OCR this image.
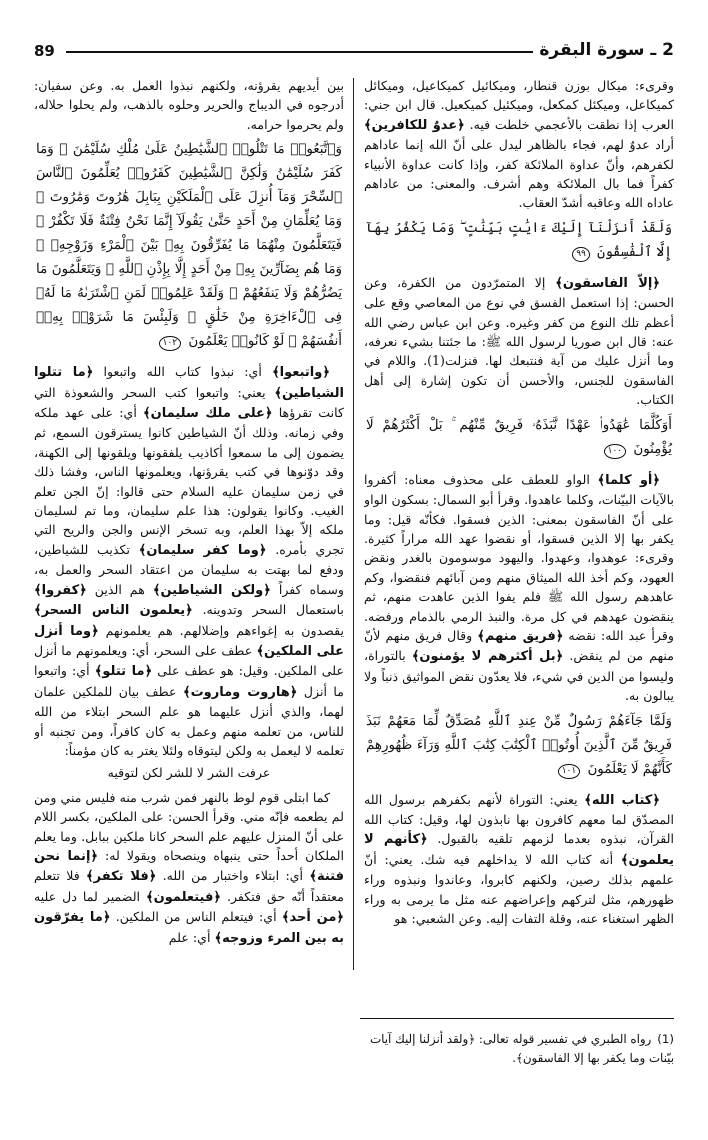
89	2 ـ سورة البقرة

وقرىء: ميكال بوزن قنطار، وميكائيل كميكاعيل، وميكائل كميكاعل، وميكئل كمكعل، وميكئيل كميكعيل. قال ابن جني: العرب إذا نطقت بالأعجمي خلطت فيه. ﴿عدوٌ للكافرين﴾ أراد عدوٌ لهم، فجاء بالظاهر ليدل على أنّ الله إنما عاداهم لكفرهم، وأنّ عداوة الملائكة كفر، وإذا كانت عداوة الأنبياء كفراً فما بال الملائكة وهم أشرف. والمعنى: من عاداهم عاداه الله وعاقبه أشدّ العقاب.

وَلَقَدْ أَنزَلْنَآ إِلَيْكَ ءَايَٰتٍ بَيِّنَٰتٍ ۖ وَمَا يَكْفُرُ بِهَآ إِلَّا ٱلْفَٰسِقُونَ ٩٩

﴿إلاّ الفاسقون﴾ إلا المتمرّدون من الكفرة، وعن الحسن: إذا استعمل الفسق في نوع من المعاصي وقع على أعظم تلك النوع من كفر وغيره. وعن ابن عباس رضي الله عنه: قال ابن صوريا لرسول الله ﷺ: ما جئتنا بشيء نعرفه، وما أنزل عليك من آية فنتبعك لها. فنزلت(1). واللام في الفاسقون للجنس، والأحسن أن تكون إشارة إلى أهل الكتاب.

أَوَكُلَّمَا عَٰهَدُوا۟ عَهْدًا نَّبَذَهُۥ فَرِيقٌ مِّنْهُم ۚ بَلْ أَكْثَرُهُمْ لَا يُؤْمِنُونَ ١٠٠

﴿أو كلما﴾ الواو للعطف على محذوف معناه: أكفروا بالآيات البيّنات، وكلما عاهدوا. وقرأ أبو السمال: بسكون الواو على أنّ الفاسقون بمعنى: الذين فسقوا. فكأنّه قيل: وما يكفر بها إلا الذين فسقوا، أو نقضوا عهد الله مراراً كثيرة. وقرىء: عوهدوا، وعهدوا. واليهود موسومون بالغدر ونقض العهود، وكم أخذ الله الميثاق منهم ومن آبائهم فنقضوا، وكم عاهدهم رسول الله ﷺ فلم يفوا الذين عاهدت منهم، ثم ينقضون عهدهم في كل مرة. والنبذ الرمي بالذمام ورفضه. وقرأ عبد الله: نقضه ﴿فريق منهم﴾ وقال فريق منهم لأنّ منهم من لم ينقض. ﴿بل أكثرهم لا يؤمنون﴾ بالتوراة، وليسوا من الدين في شيء، فلا يعدّون نقض المواثيق ذنباً ولا يبالون به.

وَلَمَّا جَآءَهُمْ رَسُولٌ مِّنْ عِندِ ٱللَّهِ مُصَدِّقٌ لِّمَا مَعَهُمْ نَبَذَ فَرِيقٌ مِّنَ ٱلَّذِينَ أُوتُوا۟ ٱلْكِتَٰبَ كِتَٰبَ ٱللَّهِ وَرَآءَ ظُهُورِهِمْ كَأَنَّهُمْ لَا يَعْلَمُونَ ١٠١

﴿كتاب الله﴾ يعني: التوراة لأنهم بكفرهم برسول الله المصدّق لما معهم كافرون بها نابذون لها، وقيل: كتاب الله القرآن، نبذوه بعدما لزمهم تلقيه بالقبول. ﴿كأنهم لا يعلمون﴾ أنه كتاب الله لا يداخلهم فيه شك. يعني: أنّ علمهم بذلك رصين، ولكنهم كابروا، وعاندوا ونبذوه وراء ظهورهم، مثل لتركهم وإعراضهم عنه مثل ما يرمى به وراء الظهر استغناء عنه، وقلة التفات إليه. وعن الشعبي: هو

بين أيديهم يقرؤنه، ولكنهم نبذوا العمل به. وعن سفيان: أدرجوه في الديباج والحرير وحلوه بالذهب، ولم يحلوا حلاله، ولم يحرموا حرامه.

وَٱتَّبَعُوا۟ مَا تَتْلُوا۟ ٱلشَّيَٰطِينُ عَلَىٰ مُلْكِ سُلَيْمَٰنَ ۖ وَمَا كَفَرَ سُلَيْمَٰنُ وَلَٰكِنَّ ٱلشَّيَٰطِينَ كَفَرُوا۟ يُعَلِّمُونَ ٱلنَّاسَ ٱلسِّحْرَ وَمَآ أُنزِلَ عَلَى ٱلْمَلَكَيْنِ بِبَابِلَ هَٰرُوتَ وَمَٰرُوتَ ۚ وَمَا يُعَلِّمَانِ مِنْ أَحَدٍ حَتَّىٰ يَقُولَآ إِنَّمَا نَحْنُ فِتْنَةٌ فَلَا تَكْفُرْ ۖ فَيَتَعَلَّمُونَ مِنْهُمَا مَا يُفَرِّقُونَ بِهِۦ بَيْنَ ٱلْمَرْءِ وَزَوْجِهِۦ ۚ وَمَا هُم بِضَآرِّينَ بِهِۦ مِنْ أَحَدٍ إِلَّا بِإِذْنِ ٱللَّهِ ۚ وَيَتَعَلَّمُونَ مَا يَضُرُّهُمْ وَلَا يَنفَعُهُمْ ۚ وَلَقَدْ عَلِمُوا۟ لَمَنِ ٱشْتَرَىٰهُ مَا لَهُۥ فِى ٱلْءَاخِرَةِ مِنْ خَلَٰقٍ ۚ وَلَبِئْسَ مَا شَرَوْا۟ بِهِۦٓ أَنفُسَهُمْ ۚ لَوْ كَانُوا۟ يَعْلَمُونَ ١٠٢

﴿واتبعوا﴾ أي: نبذوا كتاب الله واتبعوا ﴿ما تتلوا الشياطين﴾ يعني: واتبعوا كتب السحر والشعوذة التي كانت تقرؤها ﴿على ملك سليمان﴾ أي: على عهد ملكه وفي زمانه. وذلك أنّ الشياطين كانوا يسترقون السمع، ثم يضمون إلى ما سمعوا أكاذيب يلفقونها ويلقونها إلى الكهنة، وقد دوّنوها في كتب يقرؤنها، ويعلمونها الناس، وفشا ذلك في زمن سليمان عليه السلام حتى قالوا: إنّ الجن تعلم الغيب. وكانوا يقولون: هذا علم سليمان، وما تم لسليمان ملكه إلاّ بهذا العلم، وبه تسخر الإنس والجن والريح التي تجري بأمره. ﴿وما كفر سليمان﴾ تكذيب للشياطين، ودفع لما بهتت به سليمان من اعتقاد السحر والعمل به، وسماه كفراً ﴿ولكن الشياطين﴾ هم الذين ﴿كفروا﴾ باستعمال السحر وتدوينه. ﴿يعلمون الناس السحر﴾ يقصدون به إغواءهم وإضلالهم. هم يعلمونهم ﴿وما أنزل على الملكين﴾ عطف على السحر، أي: ويعلمونهم ما أنزل على الملكين. وقيل: هو عطف على ﴿ما تتلو﴾ أي: واتبعوا ما أنزل ﴿هاروت وماروت﴾ عطف بيان للملكين علمان لهما، والذي أنزل عليهما هو علم السحر ابتلاء من الله للناس، من تعلمه منهم وعمل به كان كافراً، ومن تجنبه أو تعلمه لا ليعمل به ولكن ليتوقاه ولئلا يغتر به كان مؤمناً:

عرفت الشر لا للشر لكن لتوقيه

كما ابتلى قوم لوط بالنهر فمن شرب منه فليس مني ومن لم يطعمه فإنّه مني. وقرأ الحسن: على الملكين، بكسر اللام على أنّ المنزل عليهم علم السحر كانا ملكين ببابل. وما يعلم الملكان أحداً حتى ينبهاه وينصحاه ويقولا له: ﴿إنما نحن فتنة﴾ أي: ابتلاء واختبار من الله. ﴿فلا تكفر﴾ فلا تتعلم معتقداً أنّه حق فتكفر. ﴿فيتعلمون﴾ الضمير لما دل عليه ﴿من أحد﴾ أي: فيتعلم الناس من الملكين. ﴿ما يفرّقون به بين المرء وزوجه﴾ أي: علم

(1)رواه الطبري في تفسير قوله تعالى: ﴿ولقد أنزلنا إليك آيات بيّنات وما يكفر بها إلا الفاسقون﴾.
